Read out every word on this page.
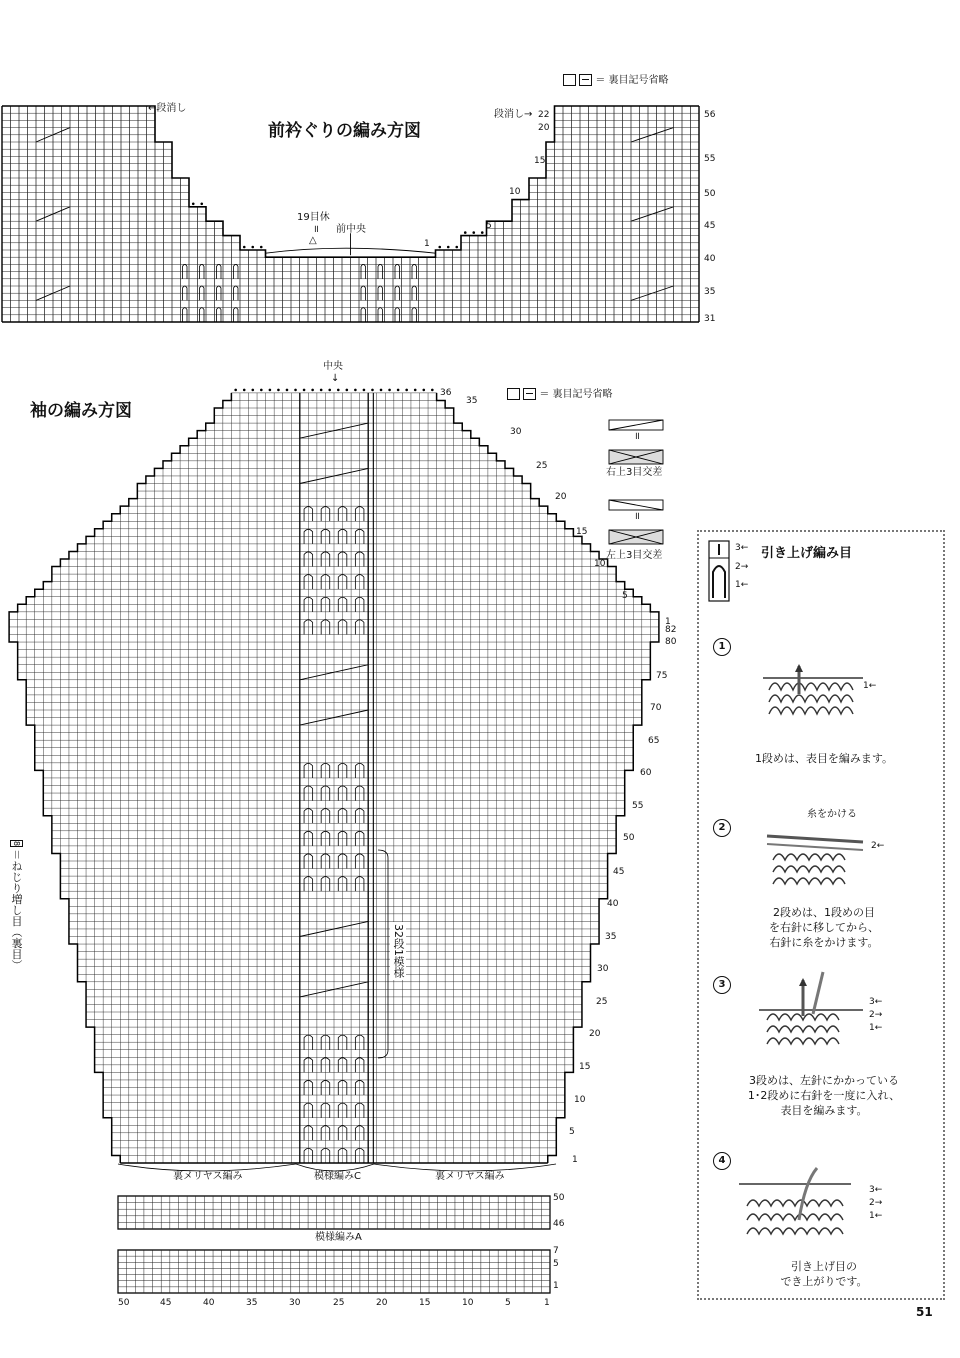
＝ 裏目記号省略
前衿ぐりの編み方図
←段消し
段消し→
19目休
॥
△
前中央
56
55
50
45
40
35
31
22
20
15
10
5
1
袖の編み方図
中央
↓
＝ 裏目記号省略
36
35
30
25
20
15
10
5
1
82
80
75
70
65
60
55
50
45
40
35
30
25
20
15
10
5
1
50	45	40	35	30	25	20	15	10	5	1
50
46
7
5
1
裏メリヤス編み	模様編みC	裏メリヤス編み
模様編みA
32段1模様
॥
右上3目交差
॥
左上3目交差
8＝ねじり増し目（裏目）
3←
2→
1←
引き上げ編み目
1
1←
1段めは、表目を編みます。
2
糸をかける
2←
2段めは、1段めの目
を右針に移してから、
右針に糸をかけます。
3
3←
2→
1←
3段めは、左針にかかっている
1･2段めに右針を一度に入れ、
表目を編みます。
4
3←
2→
1←
引き上げ目の
でき上がりです。
51
